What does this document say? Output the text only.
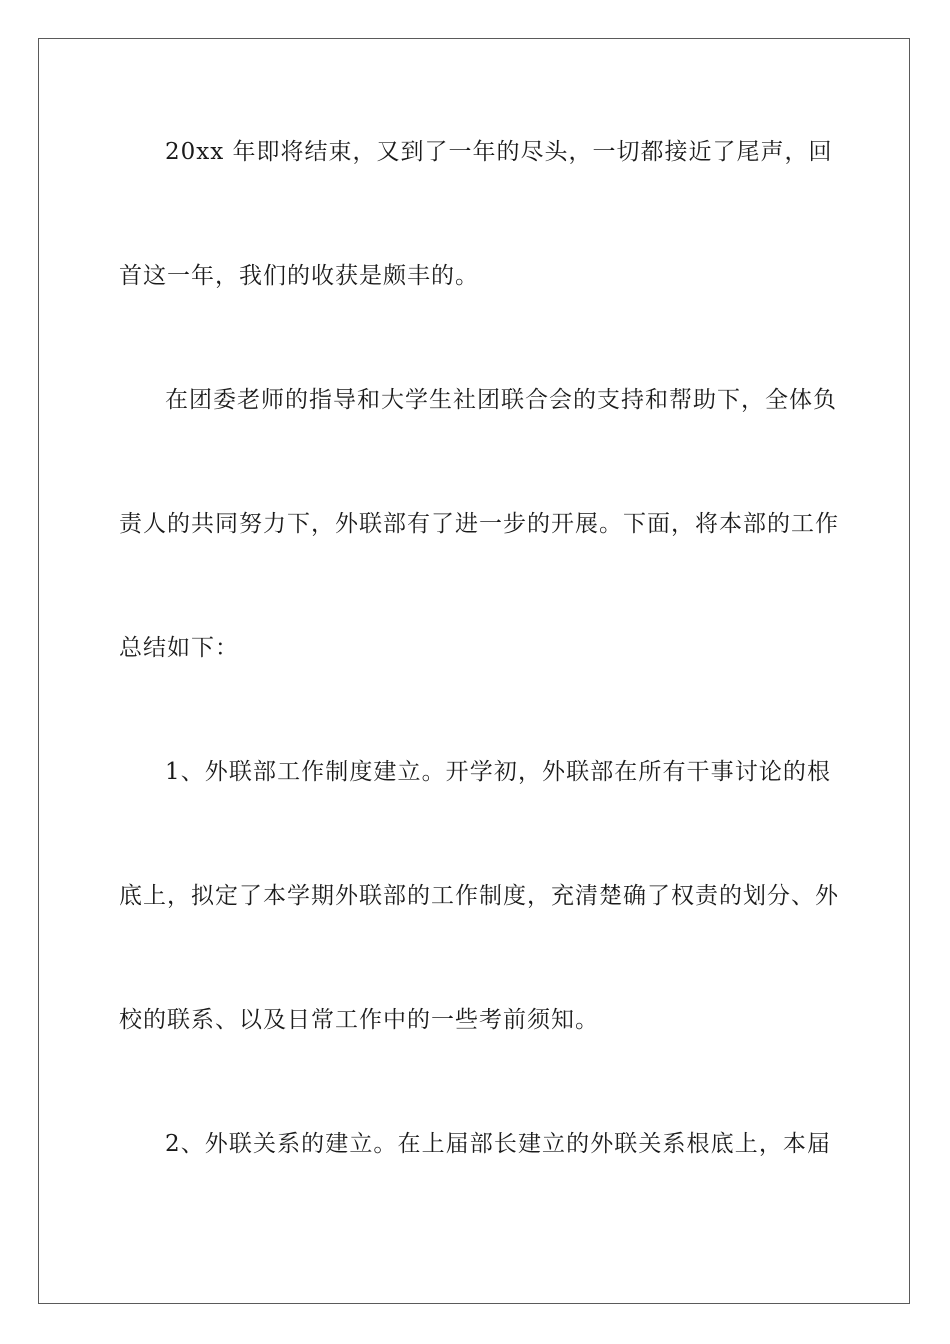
20xx 年即将结束，又到了一年的尽头，一切都接近了尾声，回
首这一年，我们的收获是颇丰的。
在团委老师的指导和大学生社团联合会的支持和帮助下，全体负
责人的共同努力下，外联部有了进一步的开展。下面，将本部的工作
总结如下：
1、外联部工作制度建立。开学初，外联部在所有干事讨论的根
底上，拟定了本学期外联部的工作制度，充清楚确了权责的划分、外
校的联系、以及日常工作中的一些考前须知。
2、外联关系的建立。在上届部长建立的外联关系根底上，本届
